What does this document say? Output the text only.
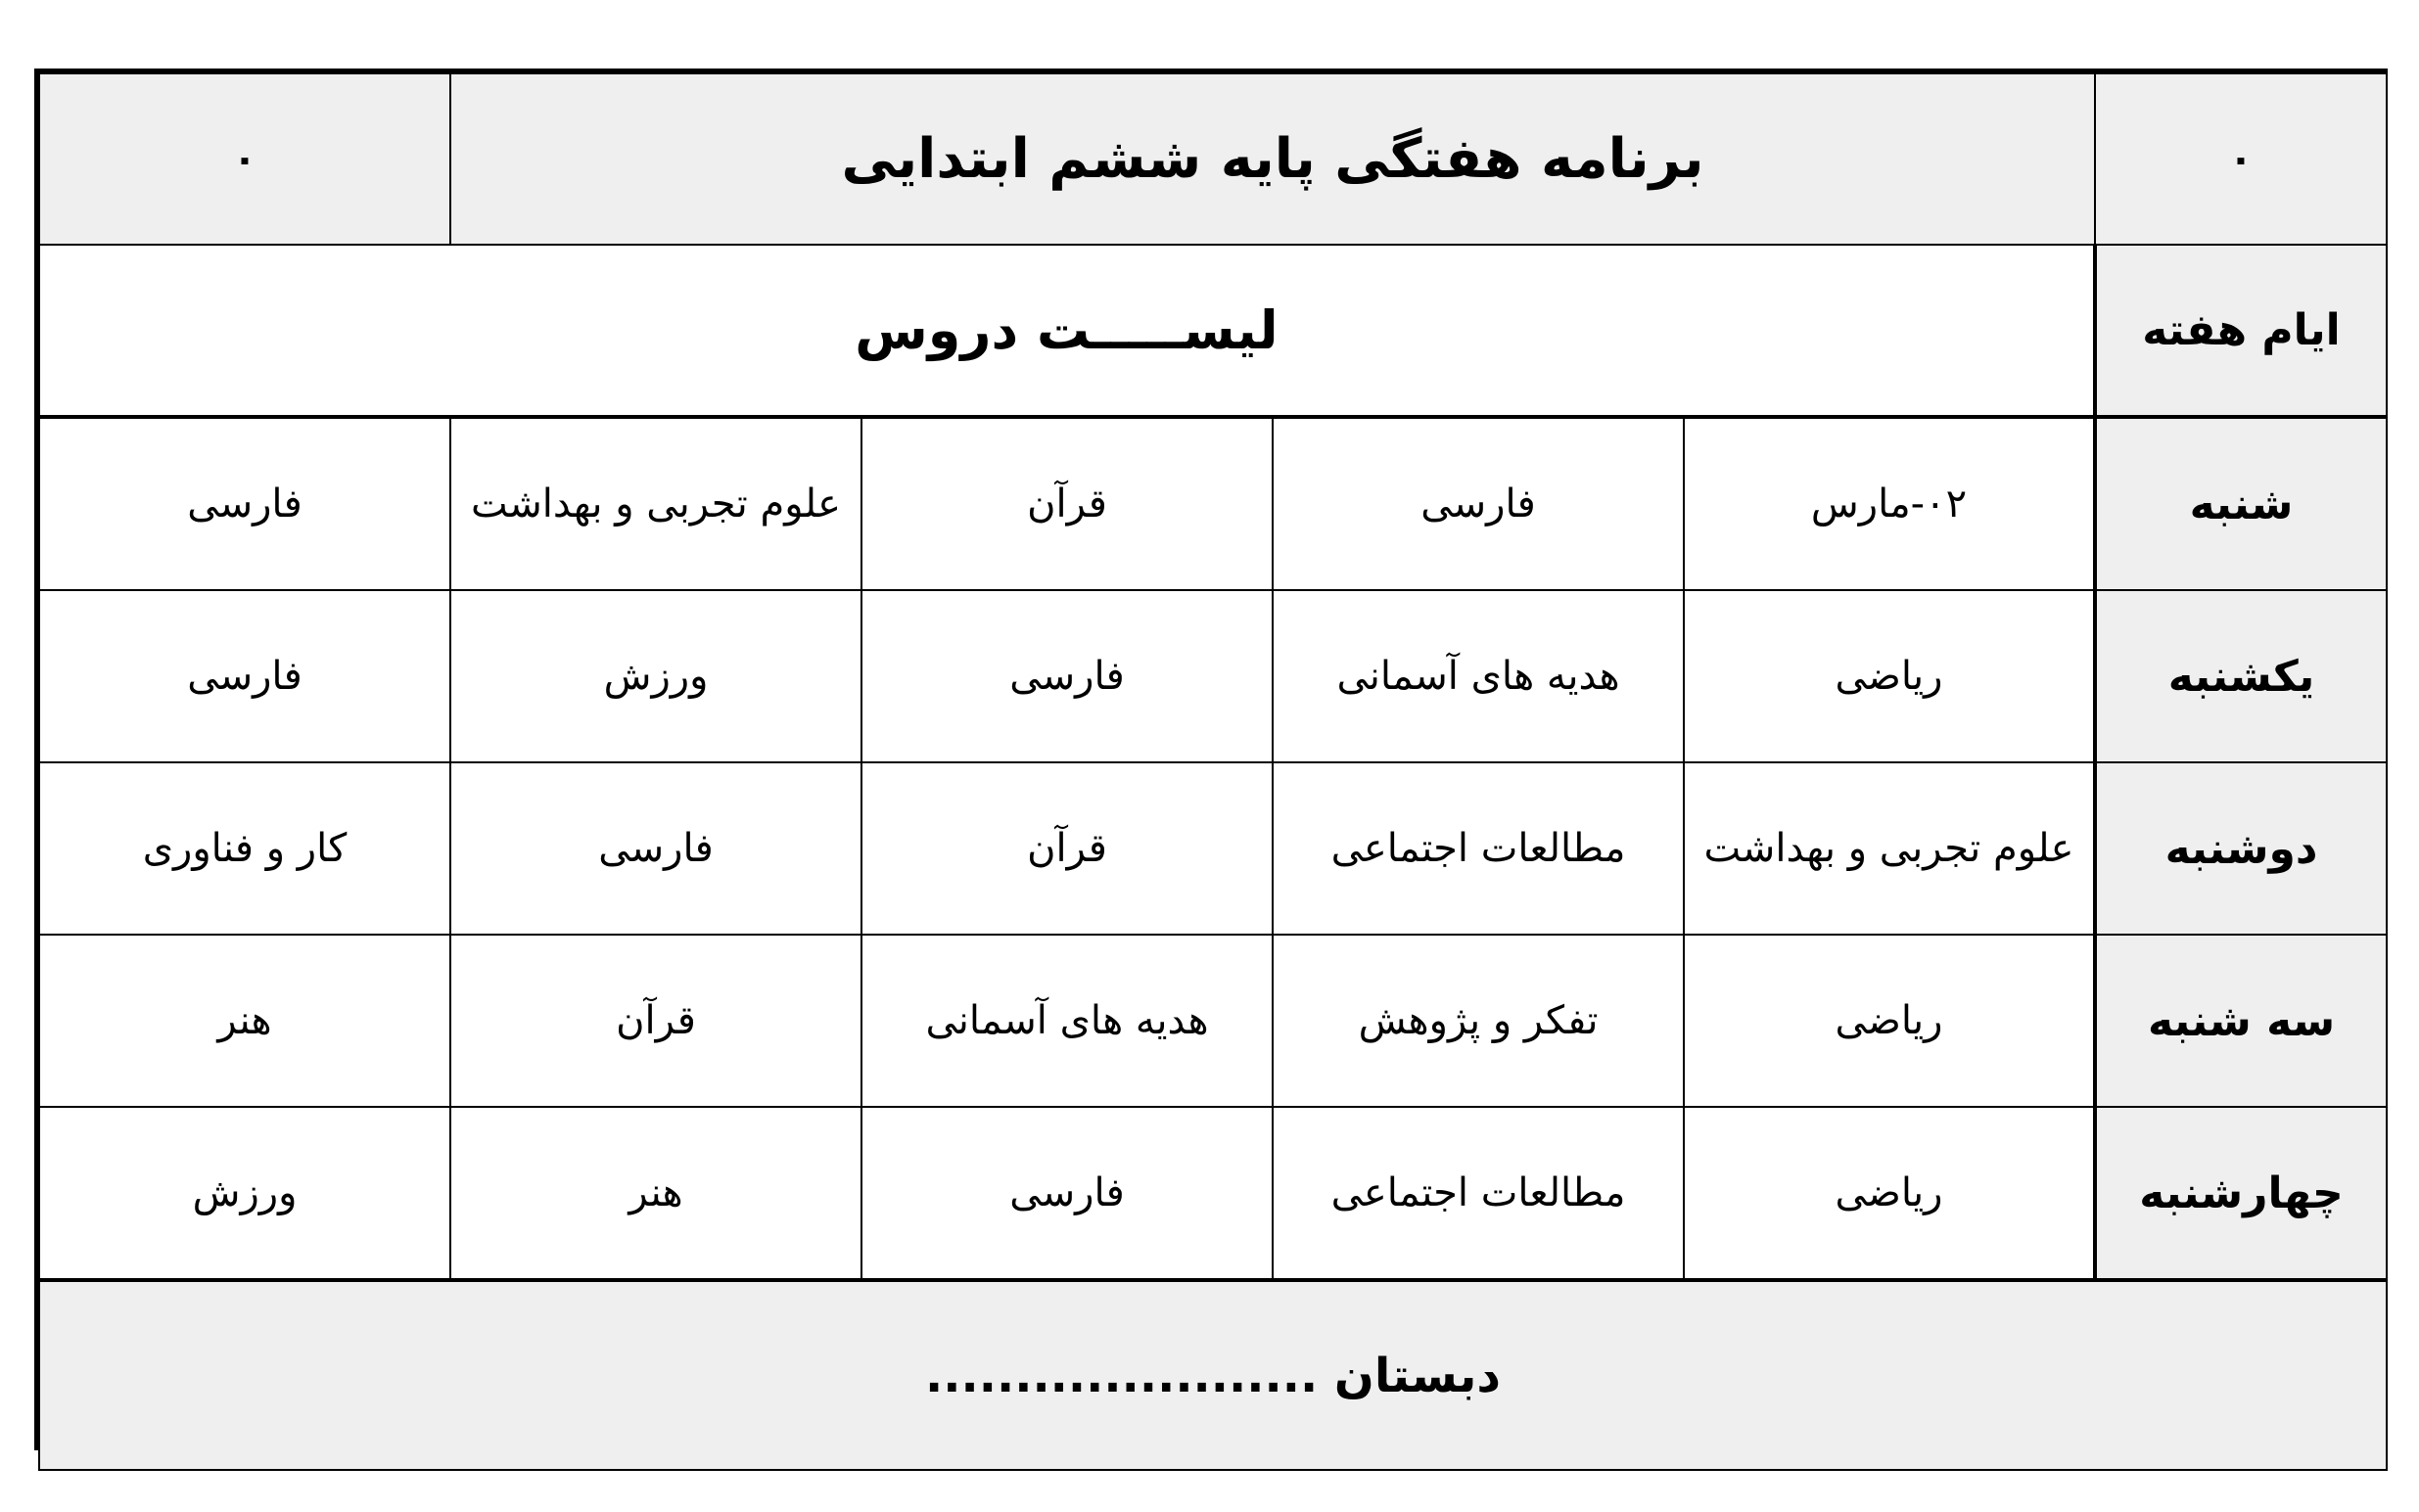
۰	برنامه هفتگی پایه ششم ابتدایی				۰
ایام هفته	لیســـــت دروس				
شنبه	۰۲-مارس	فارسی	قرآن	علوم تجربی و بهداشت	فارسی
یکشنبه	ریاضی	هدیه های آسمانی	فارسی	ورزش	فارسی
دوشنبه	علوم تجربی و بهداشت	مطالعات اجتماعی	قرآن	فارسی	کار و فناوری
سه شنبه	ریاضی	تفکر و پژوهش	هدیه های آسمانی	قرآن	هنر
چهارشنبه	ریاضی	مطالعات اجتماعی	فارسی	هنر	ورزش
دبستان ......................					
